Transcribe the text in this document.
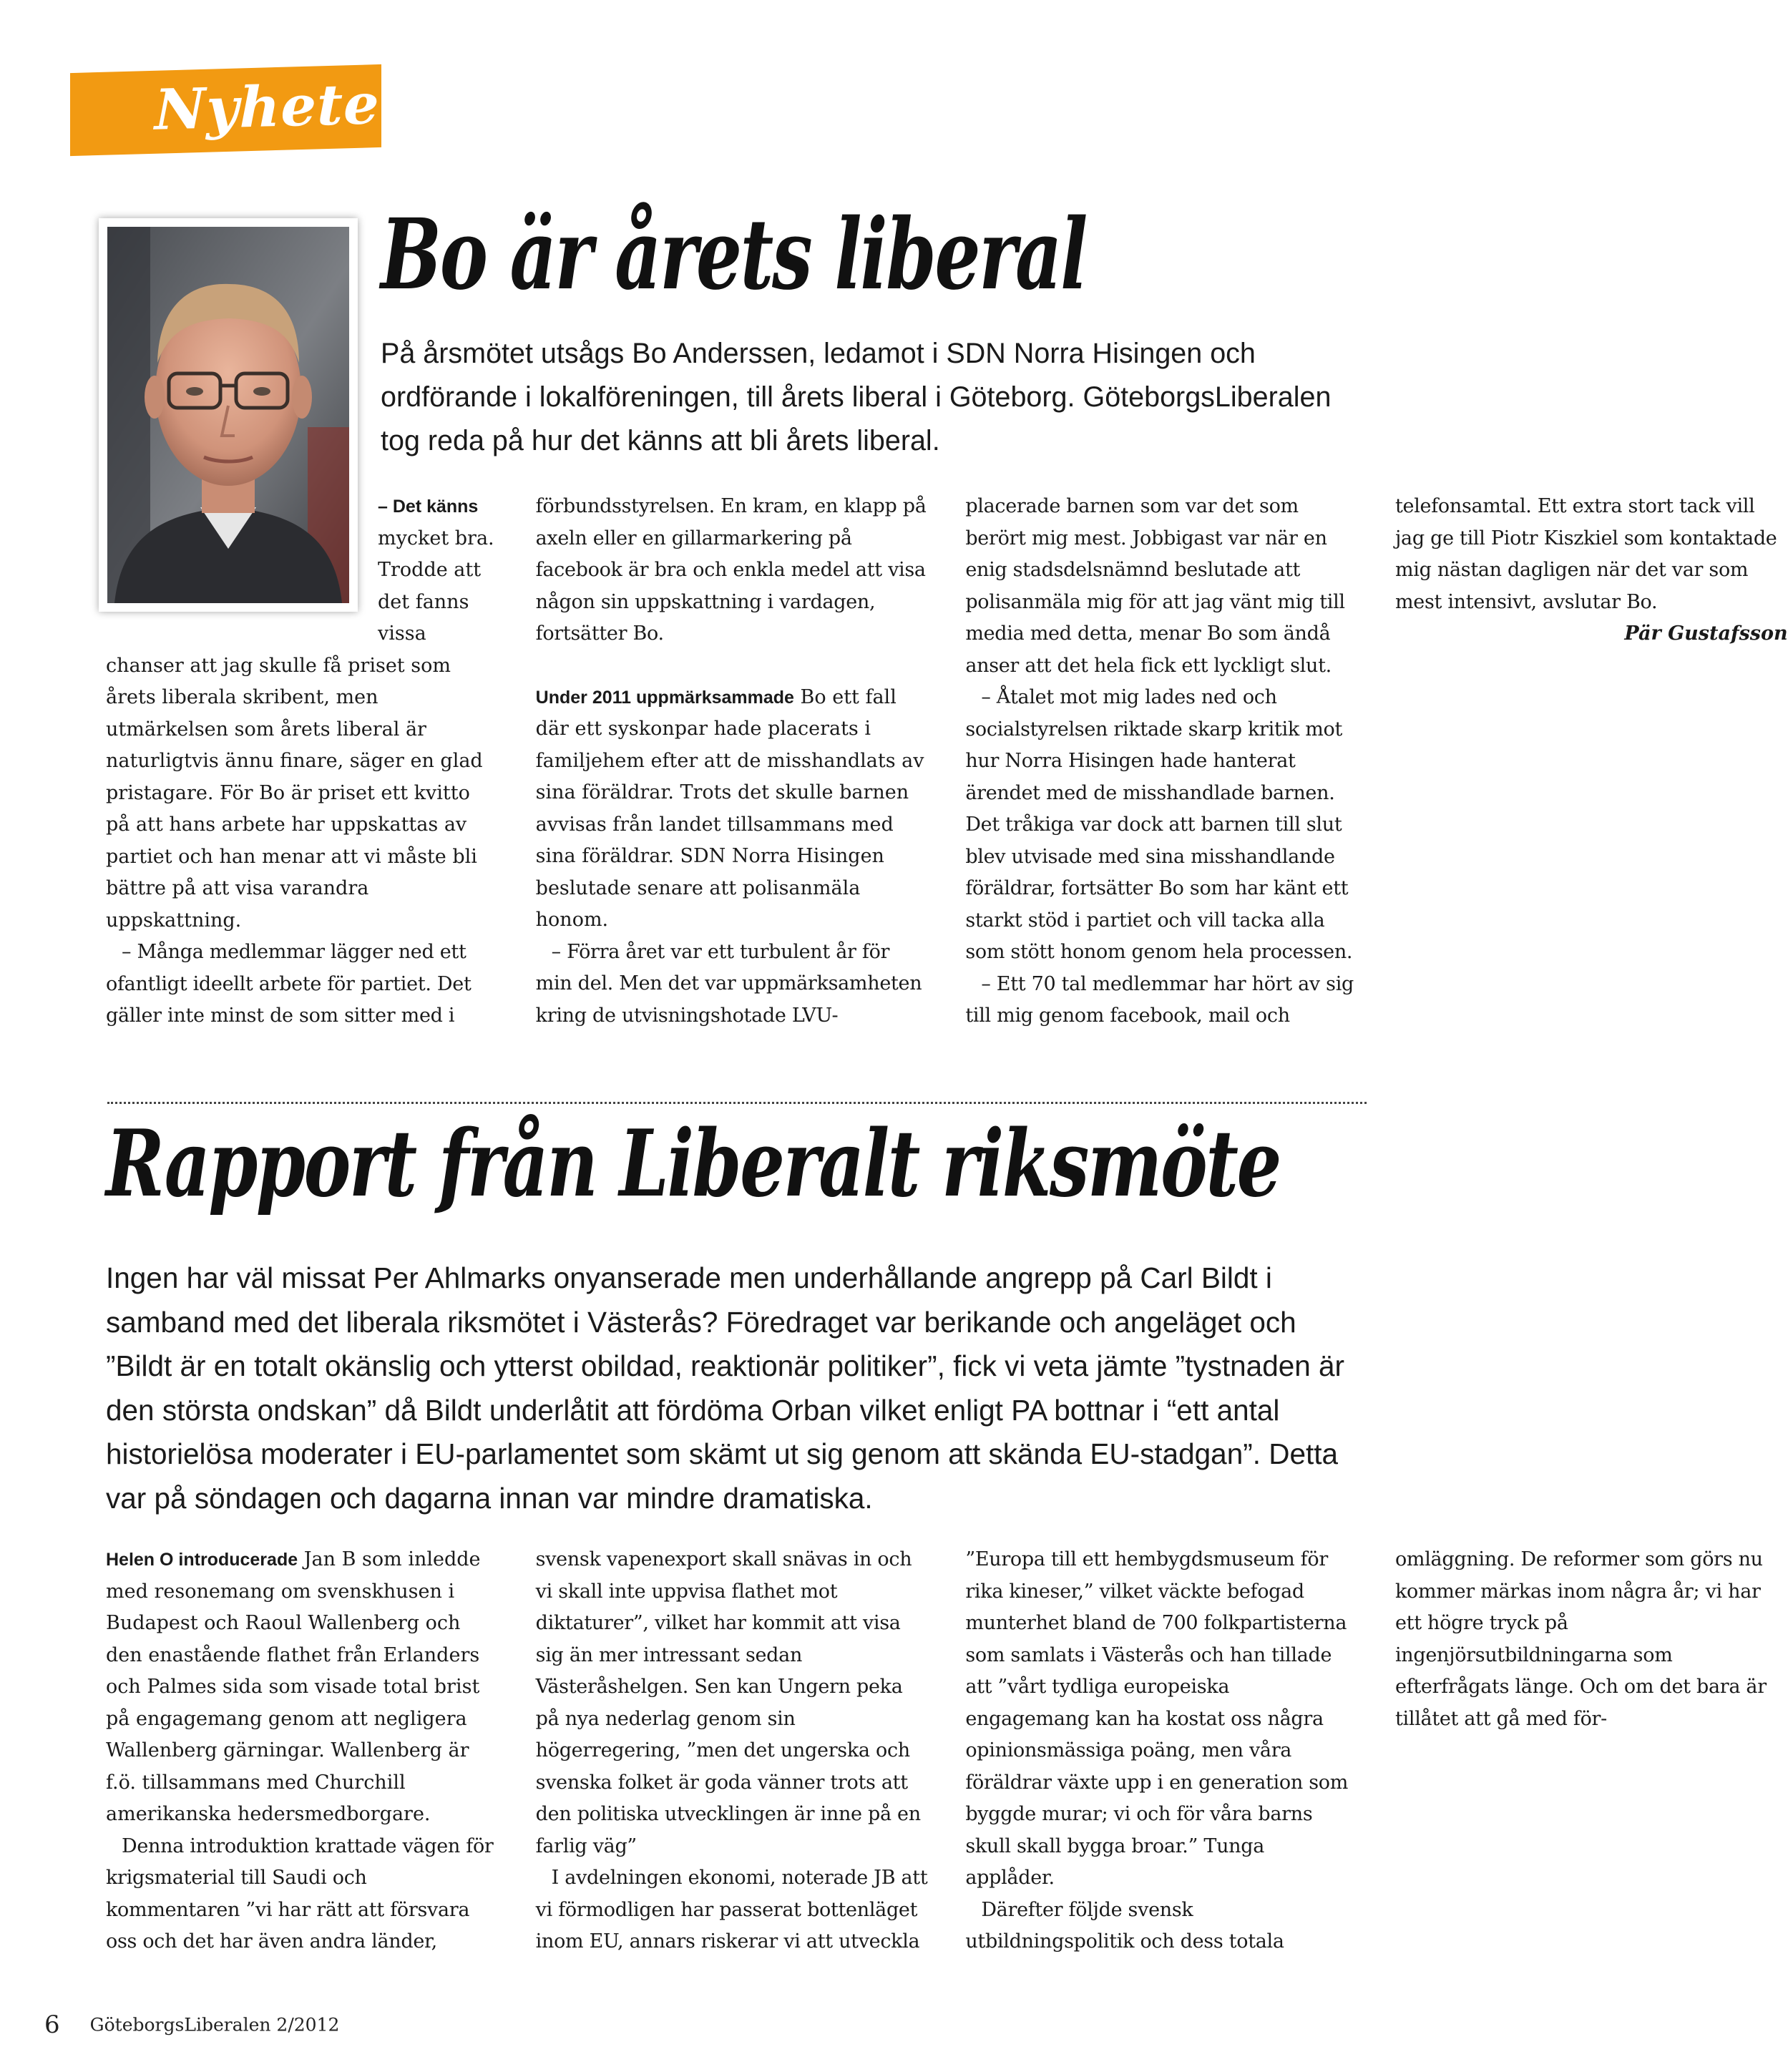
Nyheter
Bo är årets liberal

På årsmötet utsågs Bo Anderssen, ledamot i SDN Norra Hisingen och ordförande i lokalföreningen, till årets liberal i Göteborg. GöteborgsLiberalen tog reda på hur det känns att bli årets liberal.

– Det känns mycket bra. Trodde att det fanns vissa chanser att jag skulle få priset som årets liberala skribent, men utmärkelsen som årets liberal är naturligtvis ännu finare, säger en glad pristagare. För Bo är priset ett kvitto på att hans arbete har uppskattas av partiet och han menar att vi måste bli bättre på att visa varandra uppskattning.

– Många medlemmar lägger ned ett ofantligt ideellt arbete för partiet. Det gäller inte minst de som sitter med i förbundsstyrelsen. En kram, en klapp på axeln eller en gillarmarkering på facebook är bra och enkla medel att visa någon sin uppskattning i vardagen, fortsätter Bo.

Under 2011 uppmärksammade Bo ett fall där ett syskonpar hade placerats i familjehem efter att de misshandlats av sina föräldrar. Trots det skulle barnen avvisas från landet tillsammans med sina föräldrar. SDN Norra Hisingen beslutade senare att polisanmäla honom.

– Förra året var ett turbulent år för min del. Men det var uppmärksamheten kring de utvisningshotade LVU-placerade barnen som var det som berört mig mest. Jobbigast var när en enig stadsdelsnämnd beslutade att polisanmäla mig för att jag vänt mig till media med detta, menar Bo som ändå anser att det hela fick ett lyckligt slut.

– Åtalet mot mig lades ned och socialstyrelsen riktade skarp kritik mot hur Norra Hisingen hade hanterat ärendet med de misshandlade barnen. Det tråkiga var dock att barnen till slut blev utvisade med sina misshandlande föräldrar, fortsätter Bo som har känt ett starkt stöd i partiet och vill tacka alla som stött honom genom hela processen.

– Ett 70 tal medlemmar har hört av sig till mig genom facebook, mail och telefonsamtal. Ett extra stort tack vill jag ge till Piotr Kiszkiel som kontaktade mig nästan dagligen när det var som mest intensivt, avslutar Bo.

Pär Gustafsson

Rapport från Liberalt riksmöte

Ingen har väl missat Per Ahlmarks onyanserade men underhållande angrepp på Carl Bildt i samband med det liberala riksmötet i Västerås? Föredraget var berikande och angeläget och ”Bildt är en totalt okänslig och ytterst obildad, reaktionär politiker”, fick vi veta jämte ”tystnaden är den största ondskan” då Bildt underlåtit att fördöma Orban vilket enligt PA bottnar i “ett antal historielösa moderater i EU-parlamentet som skämt ut sig genom att skända EU-stadgan”. Detta var på söndagen och dagarna innan var mindre dramatiska.

Helen O introducerade Jan B som inledde med resonemang om svenskhusen i Budapest och Raoul Wallenberg och den enastående flathet från Erlanders och Palmes sida som visade total brist på engagemang genom att negligera Wallenberg gärningar. Wallenberg är f.ö. tillsammans med Churchill amerikanska hedersmedborgare.

Denna introduktion krattade vägen för krigsmaterial till Saudi och kommentaren ”vi har rätt att försvara oss och det har även andra länder, svensk vapenexport skall snävas in och vi skall inte uppvisa flathet mot diktaturer”, vilket har kommit att visa sig än mer intressant sedan Västeråshelgen. Sen kan Ungern peka på nya nederlag genom sin högerregering, ”men det ungerska och svenska folket är goda vänner trots att den politiska utvecklingen är inne på en farlig väg”

I avdelningen ekonomi, noterade JB att vi förmodligen har passerat bottenläget inom EU, annars riskerar vi att utveckla ”Europa till ett hembygdsmuseum för rika kineser,” vilket väckte befogad munterhet bland de 700 folkpartisterna som samlats i Västerås och han tillade att ”vårt tydliga europeiska engagemang kan ha kostat oss några opinionsmässiga poäng, men våra föräldrar växte upp i en generation som byggde murar; vi och för våra barns skull skall bygga broar.” Tunga applåder.

Därefter följde svensk utbildningspolitik och dess totala omläggning. De reformer som görs nu kommer märkas inom några år; vi har ett högre tryck på ingenjörsutbildningarna som efterfrågats länge. Och om det bara är tillåtet att gå med för-

6 GöteborgsLiberalen 2/2012
